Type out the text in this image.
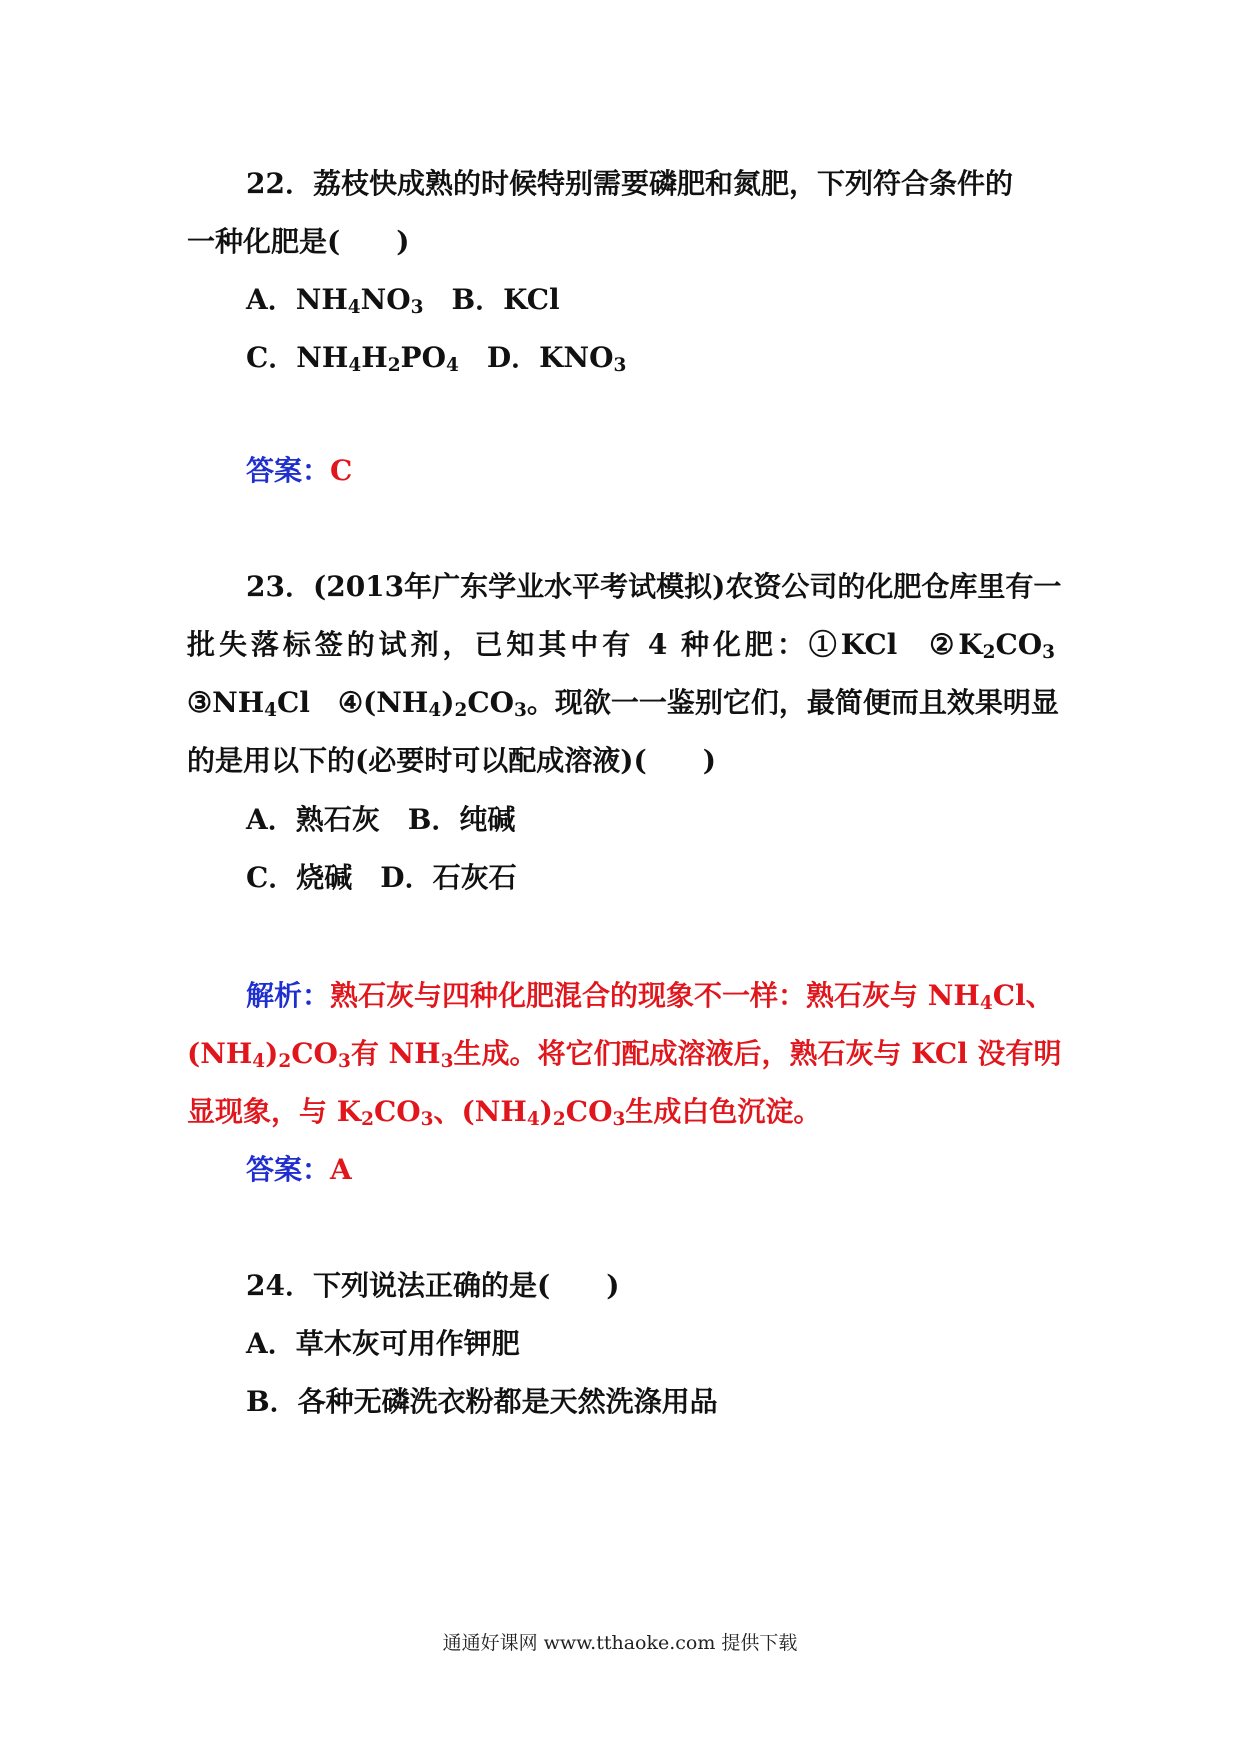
22．荔枝快成熟的时候特别需要磷肥和氮肥，下列符合条件的
一种化肥是(　　)
A．$NH_4NO_3$ B．KCl
C．$NH_4H_2PO_4$ D．$KNO_3$
答案：C
23．(2013年广东学业水平考试模拟)农资公司的化肥仓库里有一
批失落标签的试剂，已知其中有 4 种化肥：①KCl $②K_2CO_3$
$③NH_4Cl$ $④(NH_4)_2CO_3$。现欲一一鉴别它们，最简便而且效果明显
的是用以下的(必要时可以配成溶液)(　　)
A．熟石灰 B．纯碱
C．烧碱 D．石灰石
解析：熟石灰与四种化肥混合的现象不一样：熟石灰与 $NH_4Cl$、
$(NH_4)_2CO_3$有 $NH_3$生成。将它们配成溶液后，熟石灰与 KCl 没有明
显现象，与 $K_2CO_3$、$(NH_4)_2CO_3$生成白色沉淀。
答案：A
24．下列说法正确的是(　　)
A．草木灰可用作钾肥
B．各种无磷洗衣粉都是天然洗涤用品
通通好课网 www.tthaoke.com 提供下载
